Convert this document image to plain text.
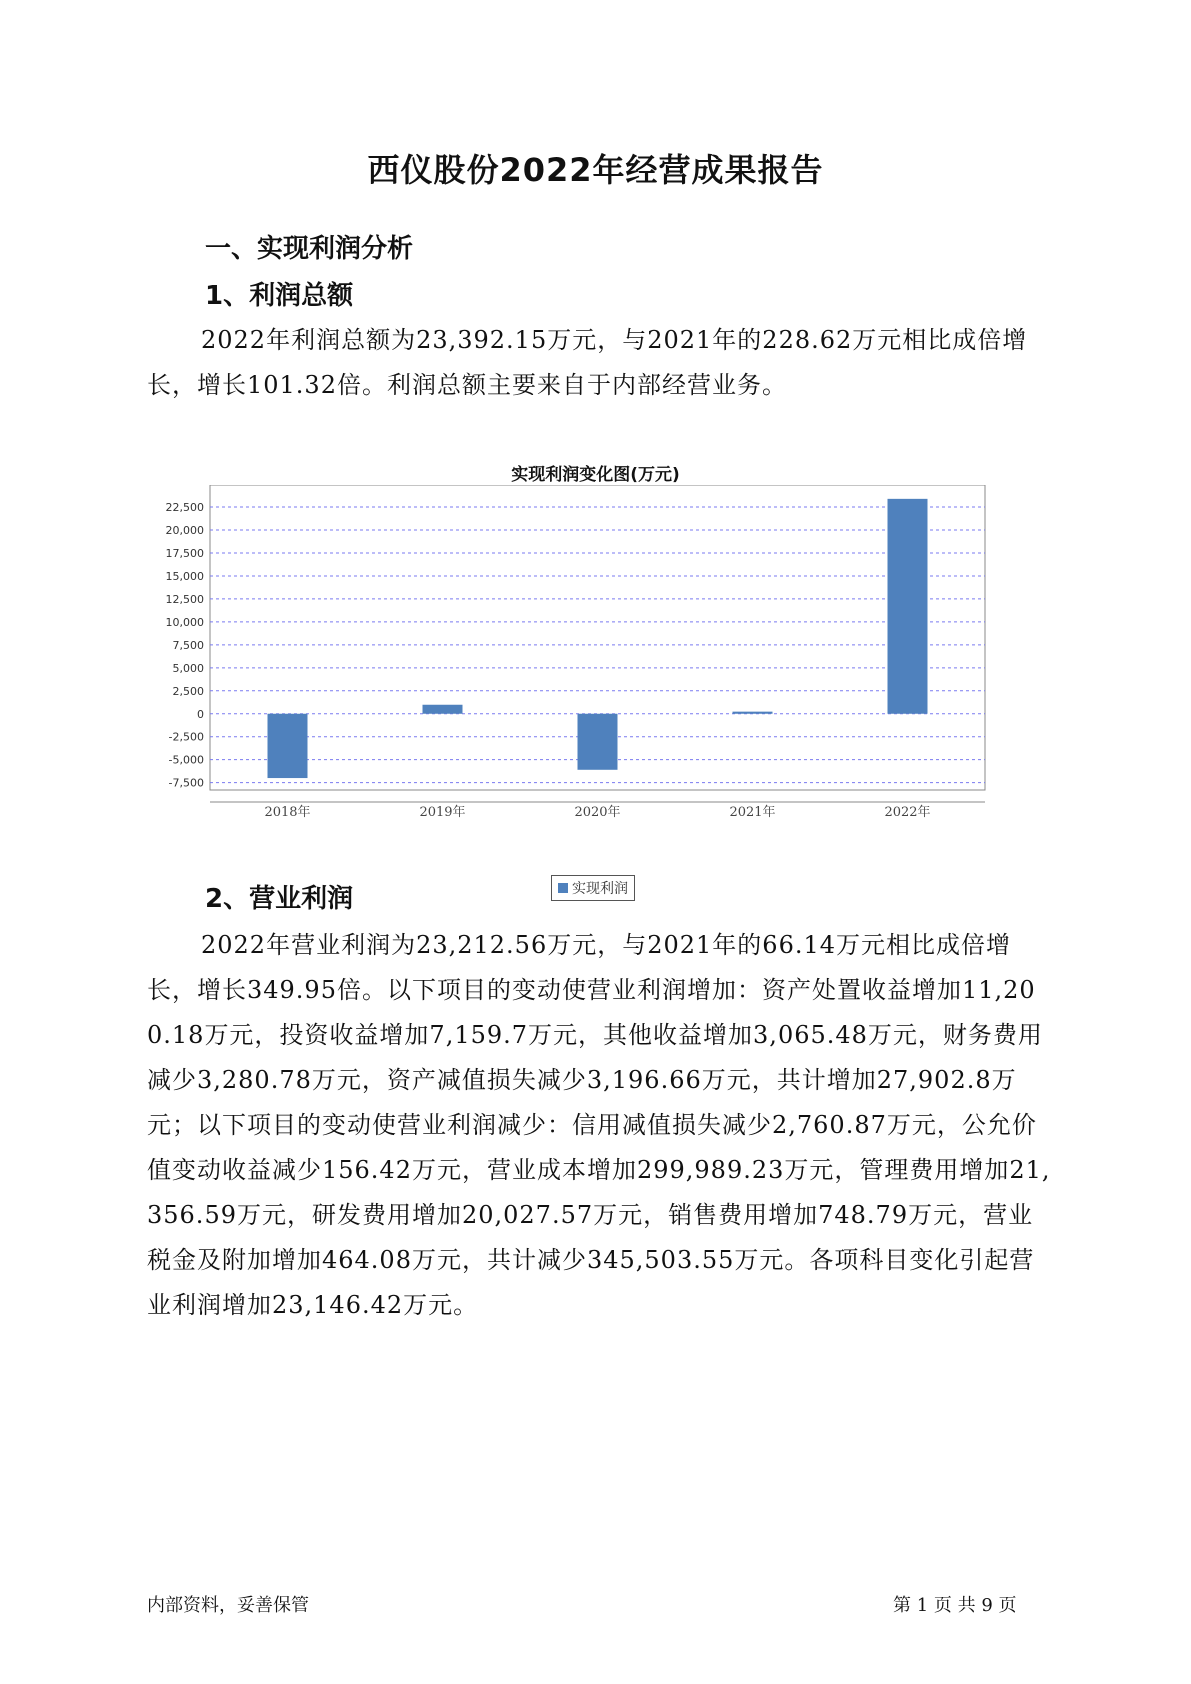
西仪股份2022年经营成果报告
一、实现利润分析
1、利润总额

2022年利润总额为23,392.15万元，与2021年的228.62万元相比成倍增长，增长101.32倍。利润总额主要来自于内部经营业务。

实现利润变化图(万元)
-7,500
-5,000
-2,500
0
2,500
5,000
7,500
10,000
12,500
15,000
17,500
20,000
22,500
2018年	2019年	2020年	2021年	2022年
实现利润
2、营业利润

2022年营业利润为23,212.56万元，与2021年的66.14万元相比成倍增长，增长349.95倍。以下项目的变动使营业利润增加：资产处置收益增加11,200.18万元，投资收益增加7,159.7万元，其他收益增加3,065.48万元，财务费用减少3,280.78万元，资产减值损失减少3,196.66万元，共计增加27,902.8万元；以下项目的变动使营业利润减少：信用减值损失减少2,760.87万元，公允价值变动收益减少156.42万元，营业成本增加299,989.23万元，管理费用增加21,356.59万元，研发费用增加20,027.57万元，销售费用增加748.79万元，营业税金及附加增加464.08万元，共计减少345,503.55万元。各项科目变化引起营业利润增加23,146.42万元。

内部资料，妥善保管	第 1 页 共 9 页
